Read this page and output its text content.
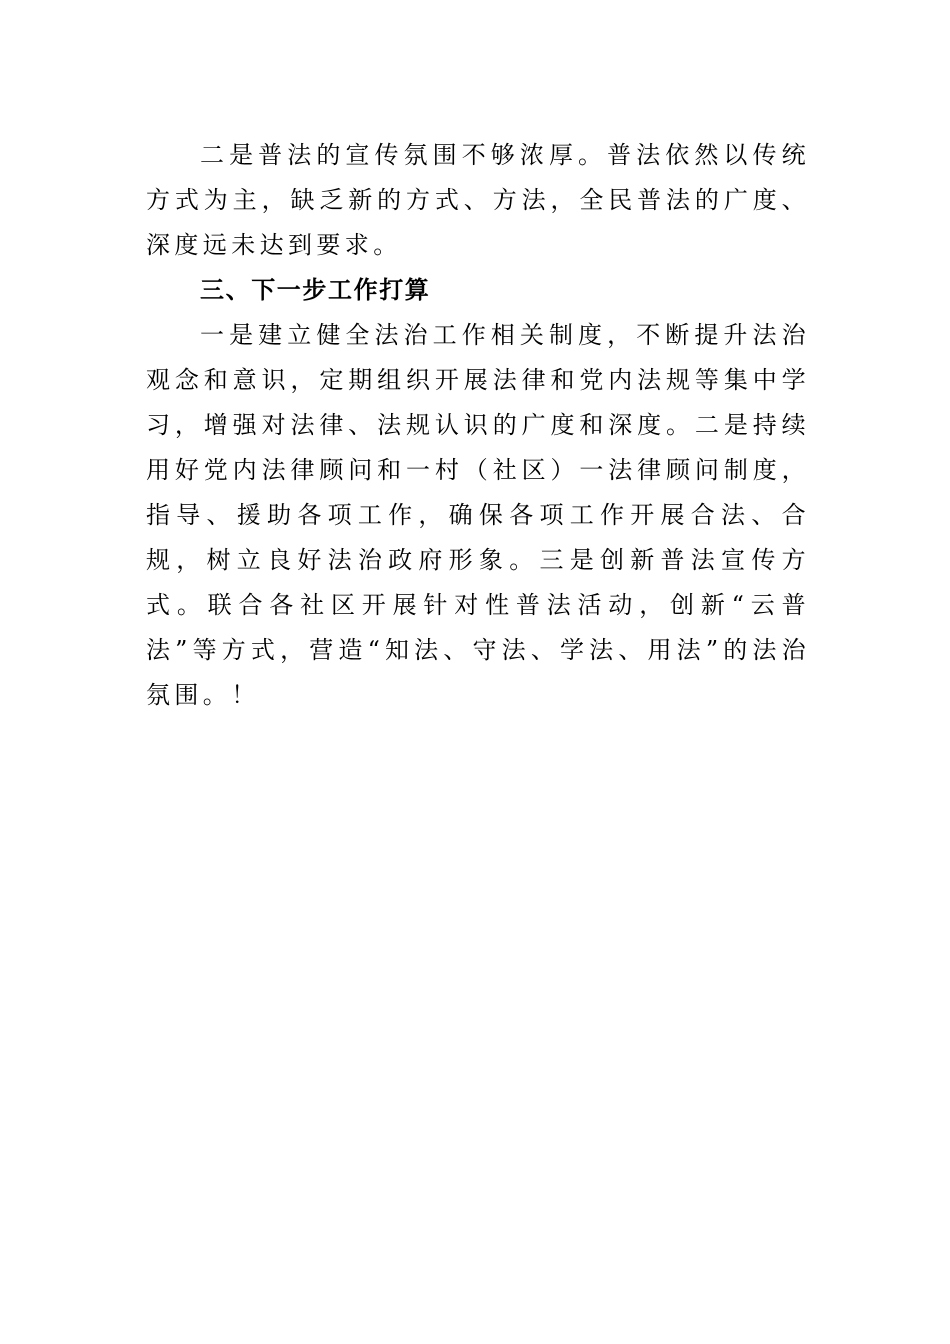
二是普法的宣传氛围不够浓厚。普法依然以传统方式为主，缺乏新的方式、方法，全民普法的广度、深度远未达到要求。

三、下一步工作打算

一是建立健全法治工作相关制度，不断提升法治观念和意识，定期组织开展法律和党内法规等集中学习，增强对法律、法规认识的广度和深度。二是持续用好党内法律顾问和一村（社区）一法律顾问制度，指导、援助各项工作，确保各项工作开展合法、合规，树立良好法治政府形象。三是创新普法宣传方式。联合各社区开展针对性普法活动，创新“云普法”等方式，营造“知法、守法、学法、用法”的法治氛围。！
